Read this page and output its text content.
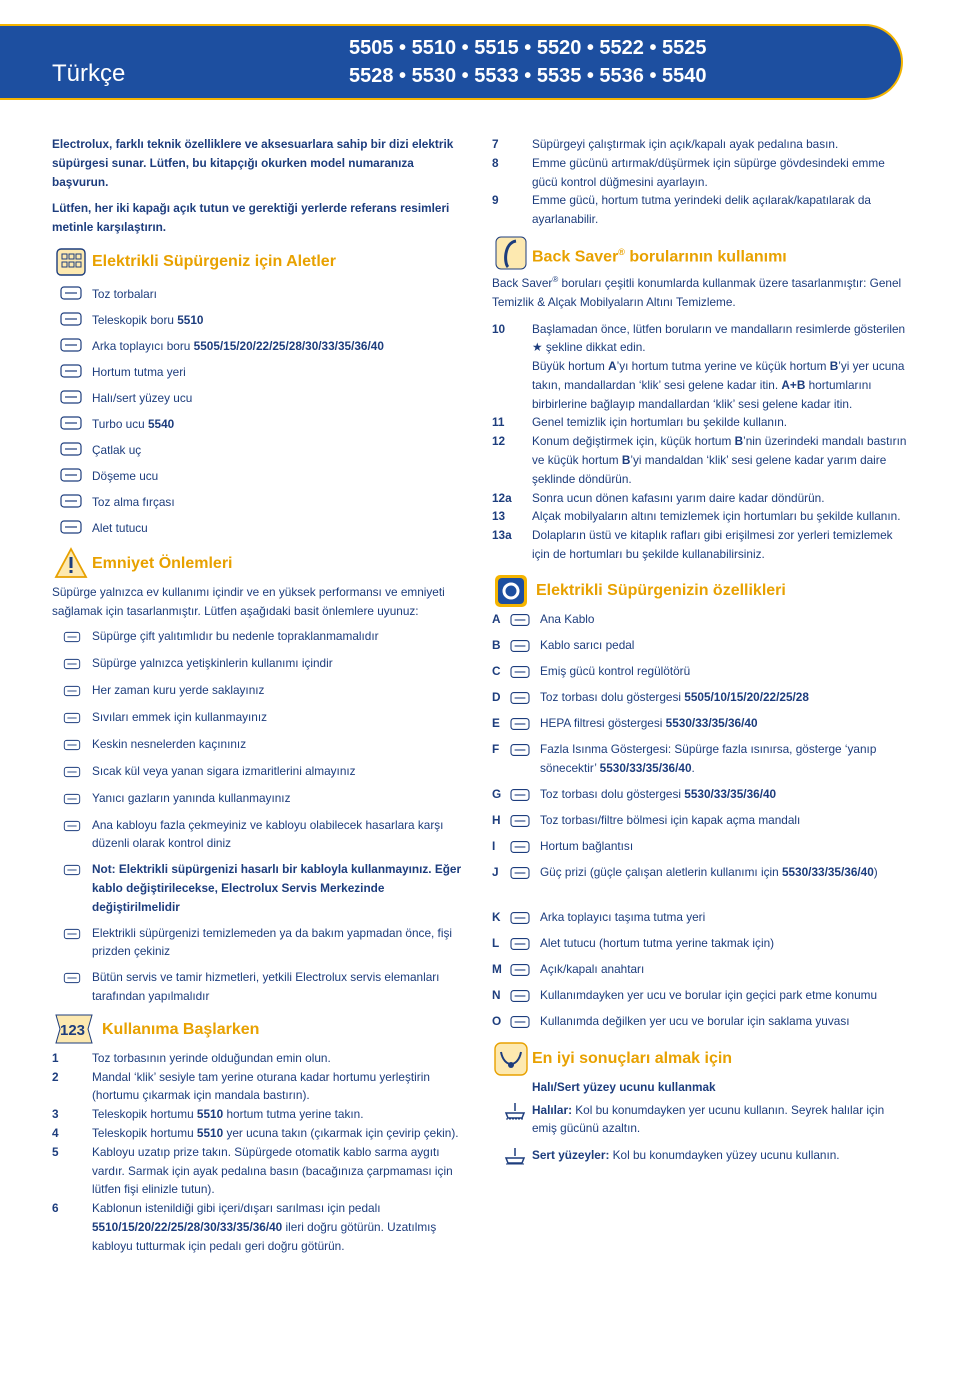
Türkçe
5505 • 5510 • 5515 • 5520 • 5522 • 5525
5528 • 5530 • 5533 • 5535 • 5536 • 5540

Electrolux, farklı teknik özelliklere ve aksesuarlara sahip bir dizi elektrik süpürgesi sunar. Lütfen, bu kitapçığı okurken model numaranıza başvurun.

Lütfen, her iki kapağı açık tutun ve gerektiği yerlerde referans resimleri metinle karşılaştırın.

Elektrikli Süpürgeniz için Aletler
Toz torbaları
Teleskopik boru 5510
Arka toplayıcı boru 5505/15/20/22/25/28/30/33/35/36/40
Hortum tutma yeri
Halı/sert yüzey ucu
Turbo ucu 5540
Çatlak uç
Döşeme ucu
Toz alma fırçası
Alet tutucu
Emniyet Önlemleri

Süpürge yalnızca ev kullanımı içindir ve en yüksek performansı ve emniyeti sağlamak için tasarlanmıştır. Lütfen aşağıdaki basit önlemlere uyunuz:

Süpürge çift yalıtımlıdır bu nedenle topraklanmamalıdır
Süpürge yalnızca yetişkinlerin kullanımı içindir
Her zaman kuru yerde saklayınız
Sıvıları emmek için kullanmayınız
Keskin nesnelerden kaçınınız
Sıcak kül veya yanan sigara izmaritlerini almayınız
Yanıcı gazların yanında kullanmayınız
Ana kabloyu fazla çekmeyiniz ve kabloyu olabilecek hasarlara karşı düzenli olarak kontrol diniz
Not: Elektrikli süpürgenizi hasarlı bir kabloyla kullanmayınız. Eğer kablo değiştirilecekse, Electrolux Servis Merkezinde değiştirilmelidir
Elektrikli süpürgenizi temizlemeden ya da bakım yapmadan önce, fişi prizden çekiniz
Bütün servis ve tamir hizmetleri, yetkili Electrolux servis elemanları tarafından yapılmalıdır
123 Kullanıma Başlarken
1	Toz torbasının yerinde olduğundan emin olun.
2	Mandal ‘klik’ sesiyle tam yerine oturana kadar hortumu yerleştirin (hortumu çıkarmak için mandala bastırın).
3	Teleskopik hortumu 5510 hortum tutma yerine takın.
4	Teleskopik hortumu 5510 yer ucuna takın (çıkarmak için çevirip çekin).
5	Kabloyu uzatıp prize takın. Süpürgede otomatik kablo sarma aygıtı vardır. Sarmak için ayak pedalına basın (bacağınıza çarpmaması için lütfen fişi elinizle tutun).
6	Kablonun istenildiği gibi içeri/dışarı sarılması için pedalı 5510/15/20/22/25/28/30/33/35/36/40 ileri doğru götürün. Uzatılmış kabloyu tutturmak için pedalı geri doğru götürün.
7	Süpürgeyi çalıştırmak için açık/kapalı ayak pedalına basın.
8	Emme gücünü artırmak/düşürmek için süpürge gövdesindeki emme gücü kontrol düğmesini ayarlayın.
9	Emme gücü, hortum tutma yerindeki delik açılarak/kapatılarak da ayarlanabilir.
Back Saver® borularının kullanımı

Back Saver® boruları çeşitli konumlarda kullanmak üzere tasarlanmıştır: Genel Temizlik & Alçak Mobilyaların Altını Temizleme.

10 Başlamadan önce, lütfen boruların ve mandalların resimlerde gösterilen ★ şekline dikkat edin.
Büyük hortum A’yı hortum tutma yerine ve küçük hortum B’yi yer ucuna takın, mandallardan ‘klik’ sesi gelene kadar itin. A+B hortumlarını birbirlerine bağlayıp mandallardan ‘klik’ sesi gelene kadar itin.
11 Genel temizlik için hortumları bu şekilde kullanın.
12 Konum değiştirmek için, küçük hortum B’nin üzerindeki mandalı bastırın ve küçük hortum B’yi mandaldan ‘klik’ sesi gelene kadar yarım daire şeklinde döndürün.
12a Sonra ucun dönen kafasını yarım daire kadar döndürün.
13 Alçak mobilyaların altını temizlemek için hortumları bu şekilde kullanın.
13a Dolapların üstü ve kitaplık rafları gibi erişilmesi zor yerleri temizlemek için de hortumları bu şekilde kullanabilirsiniz.
Elektrikli Süpürgenizin özellikleri
A	Ana Kablo
B	Kablo sarıcı pedal
C	Emiş gücü kontrol regülötörü
D	Toz torbası dolu göstergesi 5505/10/15/20/22/25/28
E	HEPA filtresi göstergesi 5530/33/35/36/40
F	Fazla Isınma Göstergesi: Süpürge fazla ısınırsa, gösterge ‘yanıp sönecektir’ 5530/33/35/36/40.
G	Toz torbası dolu göstergesi 5530/33/35/36/40
H	Toz torbası/filtre bölmesi için kapak açma mandalı
I	Hortum bağlantısı
J	Güç prizi (güçle çalışan aletlerin kullanımı için 5530/33/35/36/40)
K	Arka toplayıcı taşıma tutma yeri
L	Alet tutucu (hortum tutma yerine takmak için)
M	Açık/kapalı anahtarı
N	Kullanımdayken yer ucu ve borular için geçici park etme konumu
O	Kullanımda değilken yer ucu ve borular için saklama yuvası
En iyi sonuçları almak için

Halı/Sert yüzey ucunu kullanmak

Halılar: Kol bu konumdayken yer ucunu kullanın. Seyrek halılar için emiş gücünü azaltın.
Sert yüzeyler: Kol bu konumdayken yüzey ucunu kullanın.
